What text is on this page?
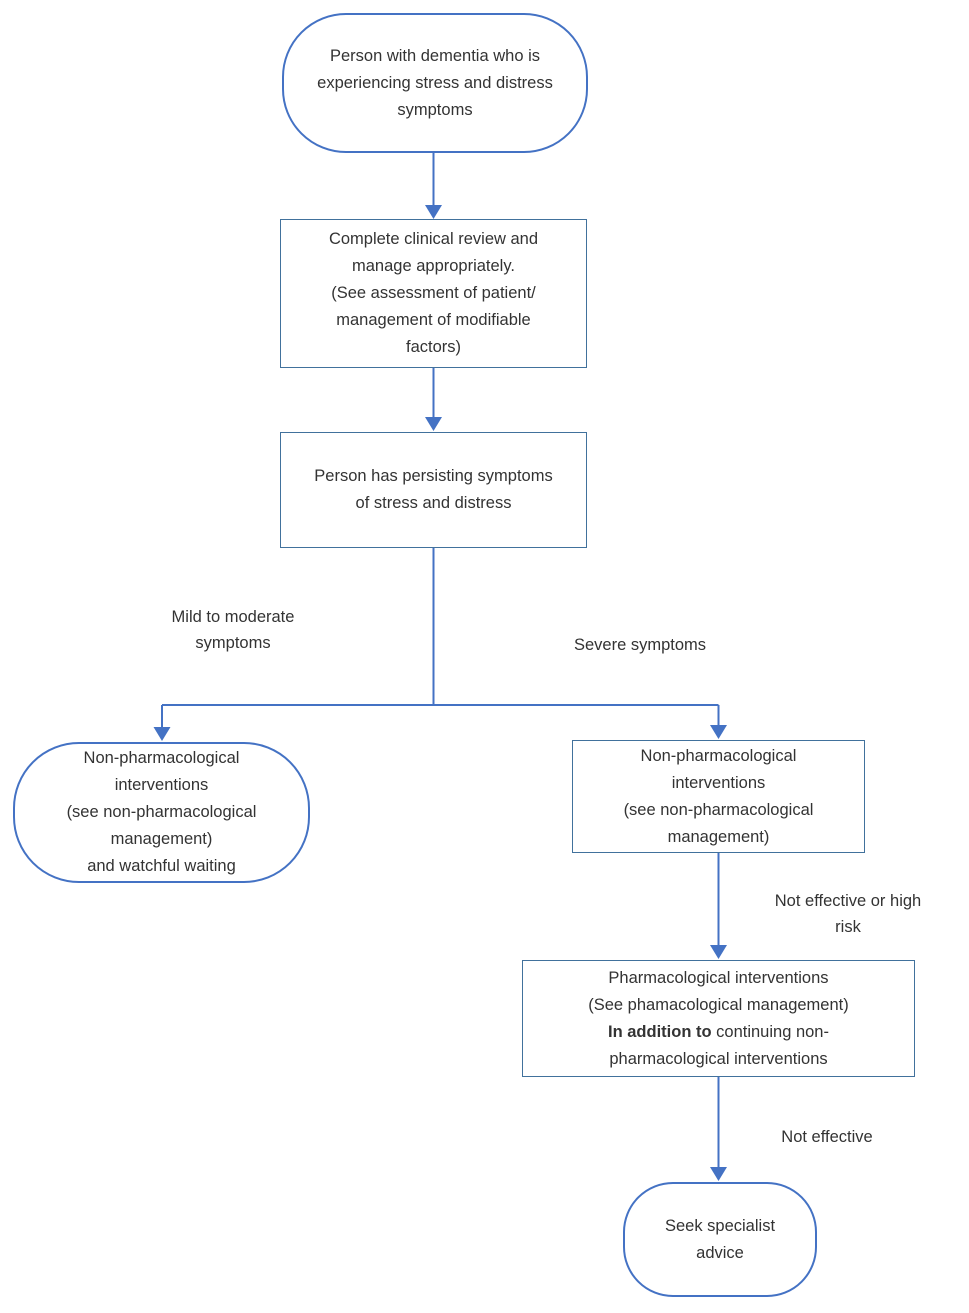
Person with dementia who is
experiencing stress and distress
symptoms
Complete clinical review and
manage appropriately.
(See assessment of patient/
management of modifiable
factors)
Person has persisting symptoms
of stress and distress
Mild to moderate
symptoms	Severe symptoms
Non-pharmacological
interventions
(see non-pharmacological
management)
and watchful waiting
Non-pharmacological
interventions
(see non-pharmacological
management)
Not effective or high
risk
Pharmacological interventions
(See phamacological management)
In addition to continuing non-
pharmacological interventions
Not effective
Seek specialist
advice
